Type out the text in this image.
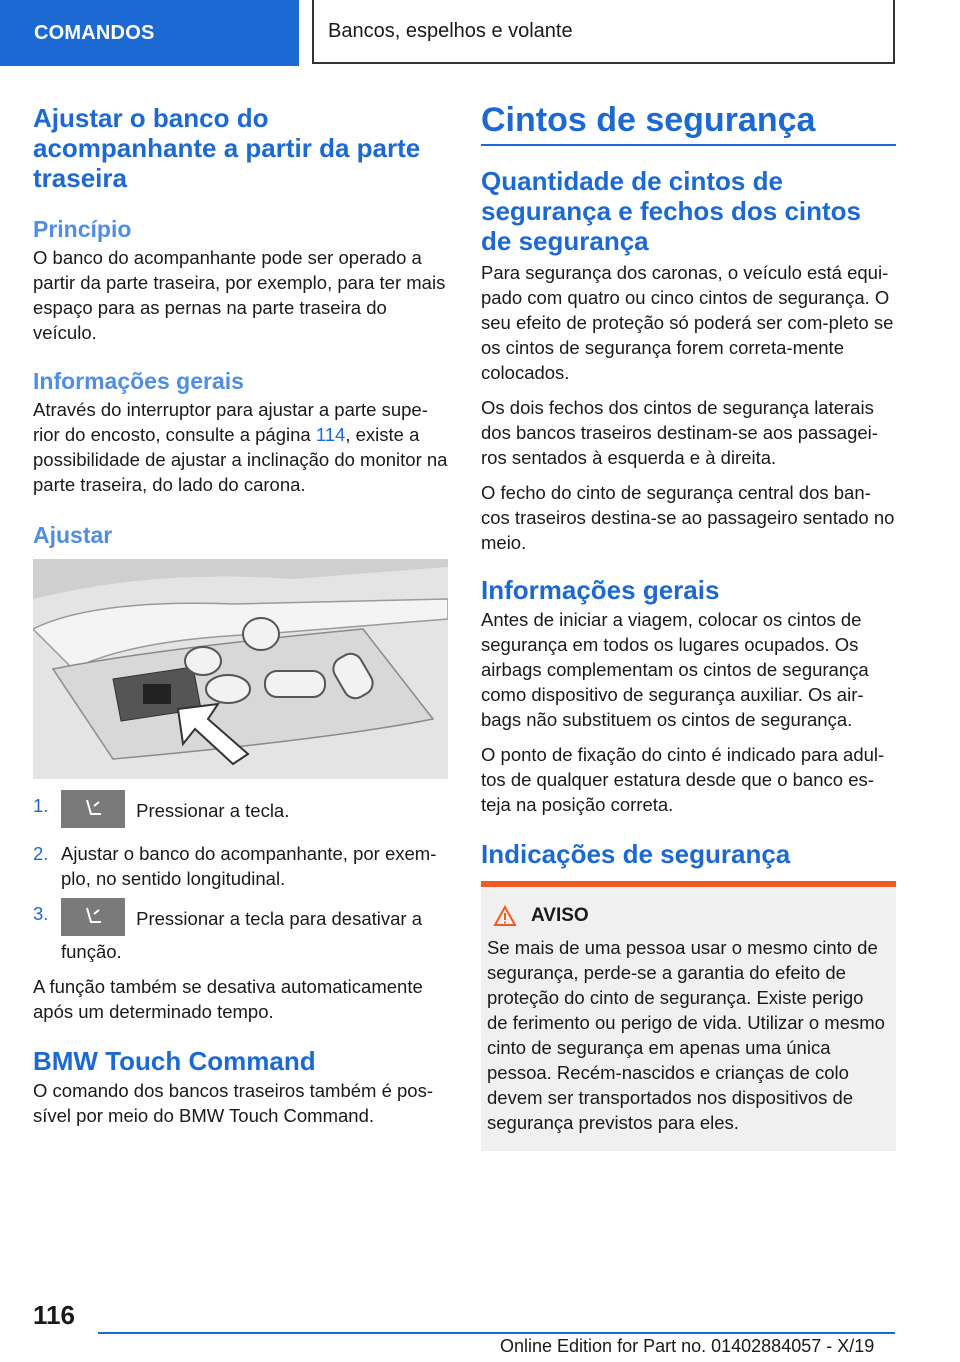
COMANDOS	Bancos, espelhos e volante
Ajustar o banco do acompanhante a partir da parte traseira
Princípio

O banco do acompanhante pode ser operado a partir da parte traseira, por exemplo, para ter mais espaço para as pernas na parte traseira do veículo.

Informações gerais

Através do interruptor para ajustar a parte supe-rior do encosto, consulte a página 114, existe a possibilidade de ajustar a inclinação do monitor na parte traseira, do lado do carona.

Ajustar
1.	Pressionar a tecla.
2. Ajustar o banco do acompanhante, por exem-plo, no sentido longitudinal.
3.	Pressionar a tecla para desativar a função.

A função também se desativa automaticamente após um determinado tempo.

BMW Touch Command

O comando dos bancos traseiros também é pos-sível por meio do BMW Touch Command.

Cintos de segurança
Quantidade de cintos de segurança e fechos dos cintos de segurança

Para segurança dos caronas, o veículo está equi-pado com quatro ou cinco cintos de segurança. O seu efeito de proteção só poderá ser com-pleto se os cintos de segurança forem correta-mente colocados.

Os dois fechos dos cintos de segurança laterais dos bancos traseiros destinam-se aos passagei-ros sentados à esquerda e à direita.

O fecho do cinto de segurança central dos ban-cos traseiros destina-se ao passageiro sentado no meio.

Informações gerais

Antes de iniciar a viagem, colocar os cintos de segurança em todos os lugares ocupados. Os airbags complementam os cintos de segurança como dispositivo de segurança auxiliar. Os air-bags não substituem os cintos de segurança.

O ponto de fixação do cinto é indicado para adul-tos de qualquer estatura desde que o banco es-teja na posição correta.

Indicações de segurança
AVISO

Se mais de uma pessoa usar o mesmo cinto de segurança, perde-se a garantia do efeito de proteção do cinto de segurança. Existe perigo de ferimento ou perigo de vida. Utilizar o mesmo cinto de segurança em apenas uma única pessoa. Recém-nascidos e crianças de colo devem ser transportados nos dispositivos de segurança previstos para eles.

116
Online Edition for Part no. 01402884057 - X/19
